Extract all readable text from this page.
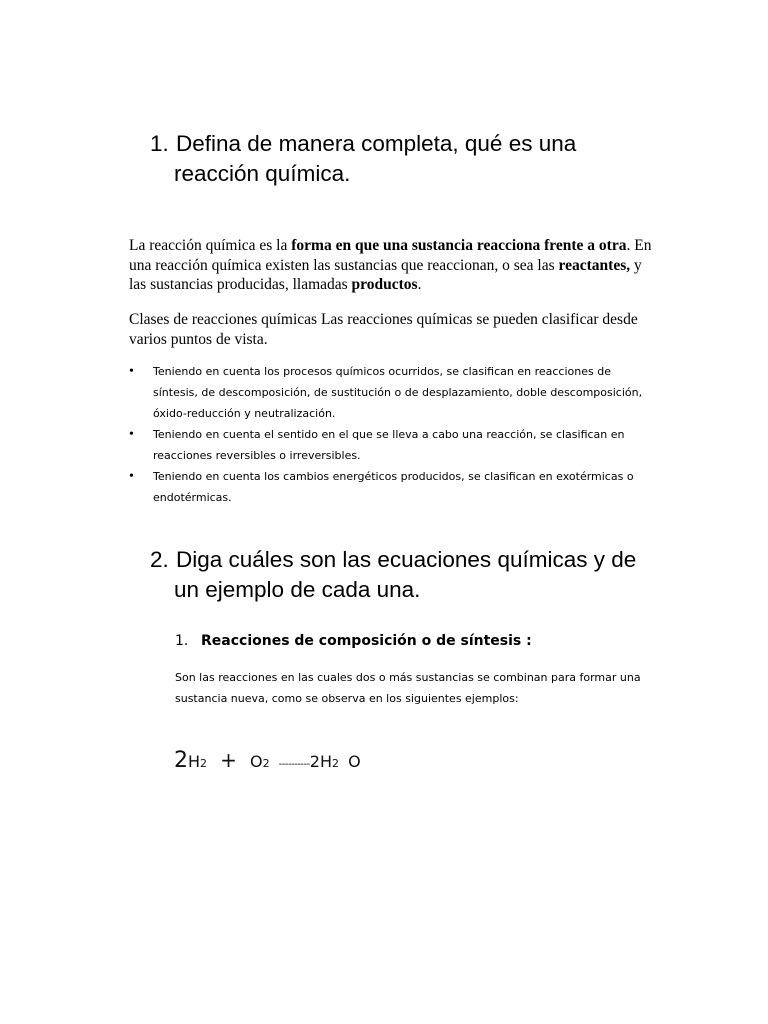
1. Defina de manera completa, qué es una
reacción química.

La reacción química es la forma en que una sustancia reacciona frente a otra. En una reacción química existen las sustancias que reaccionan, o sea las reactantes, y las sustancias producidas, llamadas productos.

Clases de reacciones químicas Las reacciones químicas se pueden clasificar desde varios puntos de vista.

• Teniendo en cuenta los procesos químicos ocurridos, se clasifican en reacciones de síntesis, de descomposición, de sustitución o de desplazamiento, doble descomposición, óxido-reducción y neutralización.
• Teniendo en cuenta el sentido en el que se lleva a cabo una reacción, se clasifican en reacciones reversibles o irreversibles.
• Teniendo en cuenta los cambios energéticos producidos, se clasifican en exotérmicas o endotérmicas.
2. Diga cuáles son las ecuaciones químicas y de
un ejemplo de cada una.
1. Reacciones de composición o de síntesis :

Son las reacciones en las cuales dos o más sustancias se combinan para formar una sustancia nueva, como se observa en los siguientes ejemplos:

2H2 + O2 ----------2H2 O
